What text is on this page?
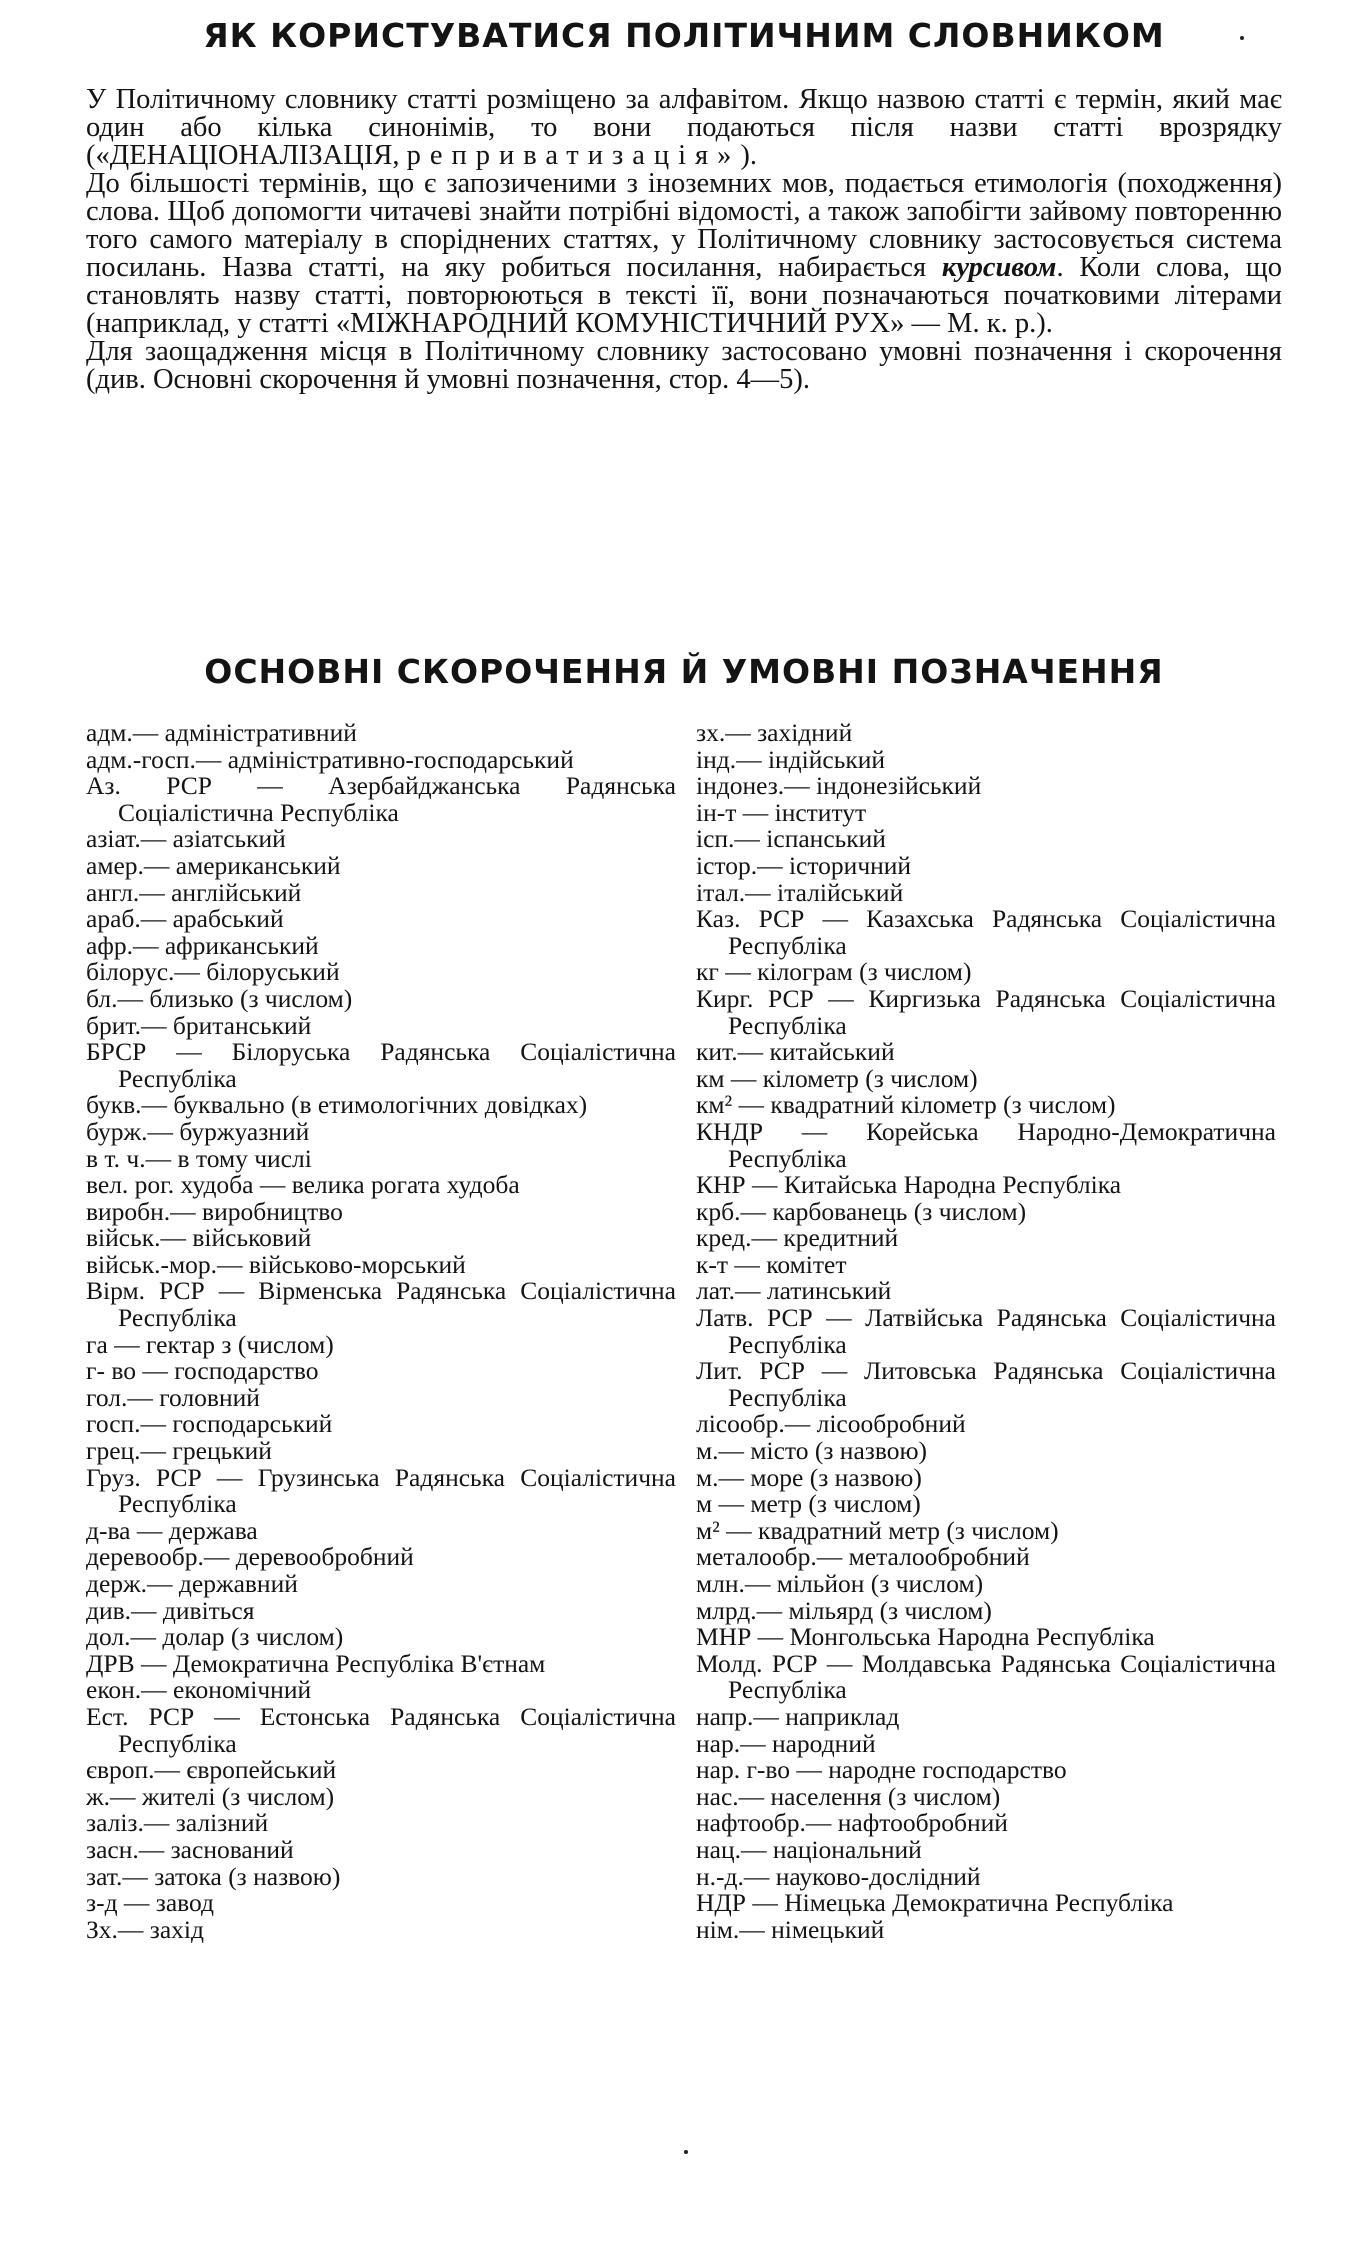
ЯК КОРИСТУВАТИСЯ ПОЛІТИЧНИМ СЛОВНИКОМ

У Політичному словнику статті розміщено за алфавітом. Якщо назвою статті є термін, який має один або кілька синонімів, то вони подаються після назви статті врозрядку («ДЕНАЦІОНАЛІЗАЦІЯ, реприватизація»).

До більшості термінів, що є запозиченими з іноземних мов, подається етимологія (походження) слова. Щоб допомогти читачеві знайти потрібні відомості, а також запобігти зайвому повторенню того самого матеріалу в споріднених статтях, у Політичному словнику застосовується система посилань. Назва статті, на яку робиться посилання, набирається курсивом. Коли слова, що становлять назву статті, повторюються в тексті її, вони позначаються початковими літерами (наприклад, у статті «МІЖНАРОДНИЙ КОМУНІСТИЧНИЙ РУХ» — М. к. р.).

Для заощадження місця в Політичному словнику застосовано умовні позначення і скорочення (див. Основні скорочення й умовні позначення, стор. 4—5).

ОСНОВНІ СКОРОЧЕННЯ Й УМОВНІ ПОЗНАЧЕННЯ

адм.— адміністративний

адм.-госп.— адміністративно-господарський

Аз. РСР — Азербайджанська Радянська Соціалістична Республіка

азіат.— азіатський

амер.— американський

англ.— англійський

араб.— арабський

афр.— африканський

білорус.— білоруський

бл.— близько (з числом)

брит.— британський

БРСР — Білоруська Радянська Соціалістична Республіка

букв.— буквально (в етимологічних довідках)

бурж.— буржуазний

в т. ч.— в тому числі

вел. рог. худоба — велика рогата худоба

виробн.— виробництво

військ.— військовий

військ.-мор.— військово-морський

Вірм. РСР — Вірменська Радянська Соціалістична Республіка

га — гектар з (числом)

г- во — господарство

гол.— головний

госп.— господарський

грец.— грецький

Груз. РСР — Грузинська Радянська Соціалістична Республіка

д-ва — держава

деревообр.— деревообробний

держ.— державний

див.— дивіться

дол.— долар (з числом)

ДРВ — Демократична Республіка В'єтнам

екон.— економічний

Ест. РСР — Естонська Радянська Соціалістична Республіка

європ.— європейський

ж.— жителі (з числом)

заліз.— залізний

засн.— заснований

зат.— затока (з назвою)

з-д — завод

Зх.— захід

зх.— західний

інд.— індійський

індонез.— індонезійський

ін-т — інститут

ісп.— іспанський

істор.— історичний

італ.— італійський

Каз. РСР — Казахська Радянська Соціалістична Республіка

кг — кілограм (з числом)

Кирг. РСР — Киргизька Радянська Соціалістична Республіка

кит.— китайський

км — кілометр (з числом)

км² — квадратний кілометр (з числом)

КНДР — Корейська Народно-Демократична Республіка

КНР — Китайська Народна Республіка

крб.— карбованець (з числом)

кред.— кредитний

к-т — комітет

лат.— латинський

Латв. РСР — Латвійська Радянська Соціалістична Республіка

Лит. РСР — Литовська Радянська Соціалістична Республіка

лісообр.— лісообробний

м.— місто (з назвою)

м.— море (з назвою)

м — метр (з числом)

м² — квадратний метр (з числом)

металообр.— металообробний

млн.— мільйон (з числом)

млрд.— мільярд (з числом)

МНР — Монгольська Народна Республіка

Молд. РСР — Молдавська Радянська Соціалістична Республіка

напр.— наприклад

нар.— народний

нар. г-во — народне господарство

нас.— населення (з числом)

нафтообр.— нафтообробний

нац.— національний

н.-д.— науково-дослідний

НДР — Німецька Демократична Республіка

нім.— німецький
